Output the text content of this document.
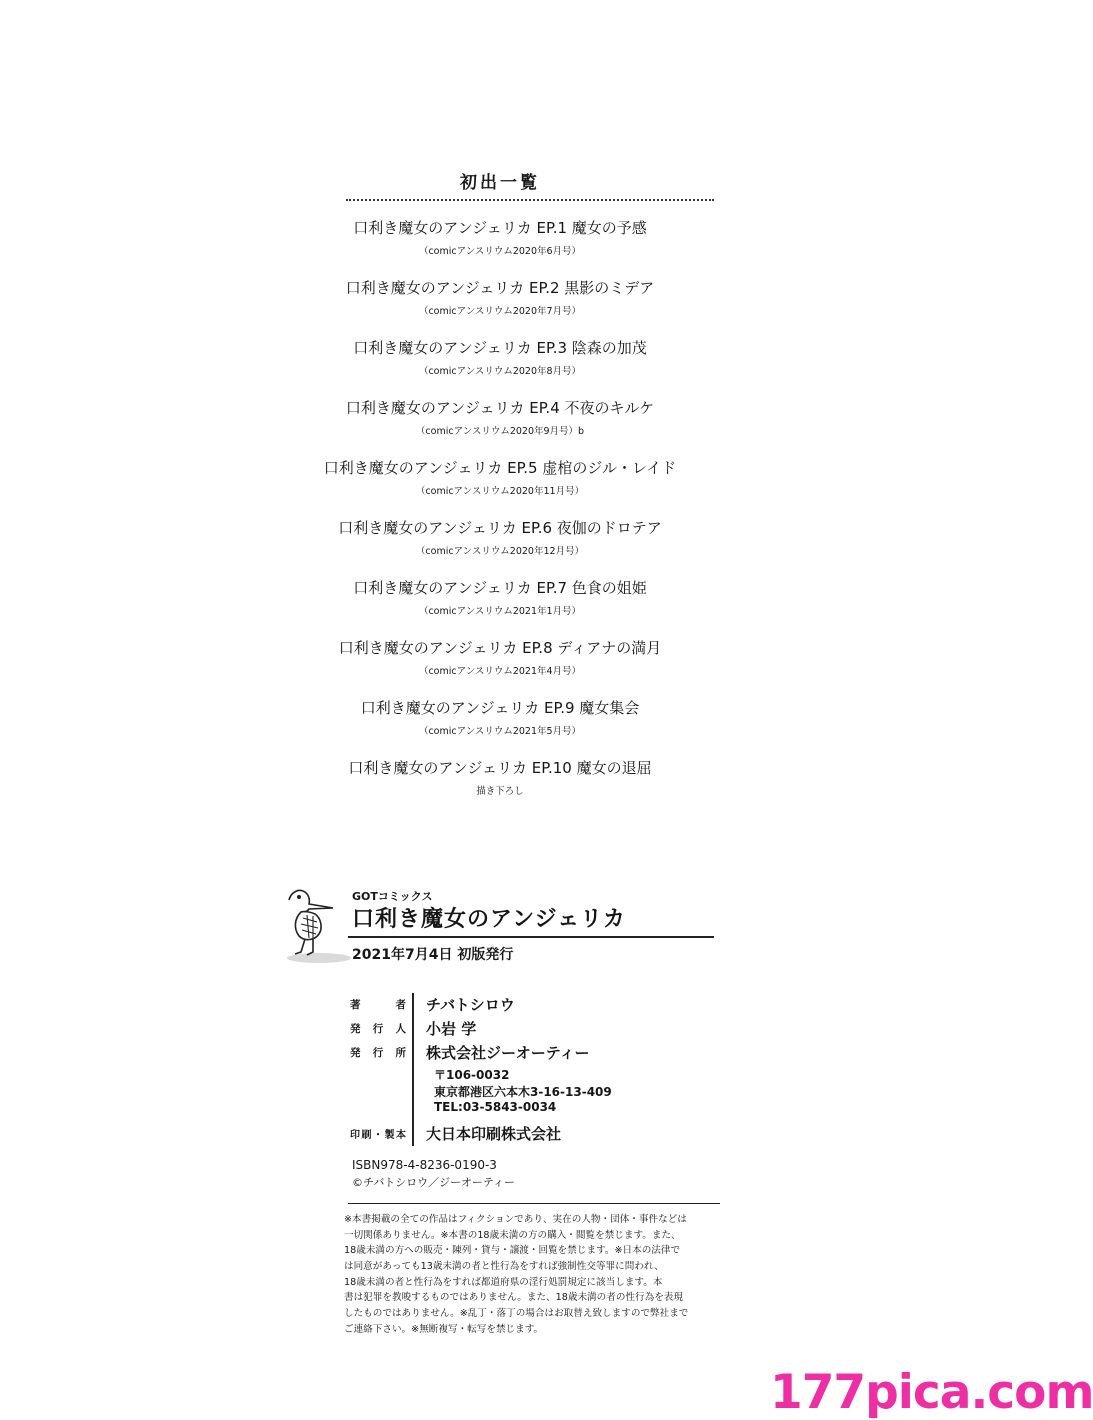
初出一覧
口利き魔女のアンジェリカ EP.1 魔女の予感
（comicアンスリウム2020年6月号）
口利き魔女のアンジェリカ EP.2 黒影のミデア
（comicアンスリウム2020年7月号）
口利き魔女のアンジェリカ EP.3 陰森の加茂
（comicアンスリウム2020年8月号）
口利き魔女のアンジェリカ EP.4 不夜のキルケ
（comicアンスリウム2020年9月号）b
口利き魔女のアンジェリカ EP.5 虚棺のジル・レイド
（comicアンスリウム2020年11月号）
口利き魔女のアンジェリカ EP.6 夜伽のドロテア
（comicアンスリウム2020年12月号）
口利き魔女のアンジェリカ EP.7 色食の姐姫
（comicアンスリウム2021年1月号）
口利き魔女のアンジェリカ EP.8 ディアナの満月
（comicアンスリウム2021年4月号）
口利き魔女のアンジェリカ EP.9 魔女集会
（comicアンスリウム2021年5月号）
口利き魔女のアンジェリカ EP.10 魔女の退屈
描き下ろし
GOTコミックス
口利き魔女のアンジェリカ
2021年7月4日 初版発行
著者 チバトシロウ
発行人 小岩 学
発行所 株式会社ジーオーティー
〒106-0032
東京都港区六本木3-16-13-409
TEL:03-5843-0034
印刷・製本 大日本印刷株式会社
ISBN978-4-8236-0190-3
©チバトシロウ／ジーオーティー
※本書掲載の全ての作品はフィクションであり、実在の人物・団体・事件などは
一切関係ありません。※本書の18歳未満の方の購入・閲覧を禁じます。また、
18歳未満の方への販売・陳列・貸与・譲渡・回覧を禁じます。※日本の法律で
は同意があっても13歳未満の者と性行為をすれば強制性交等罪に問われ、
18歳未満の者と性行為をすれば都道府県の淫行処罰規定に該当します。本
書は犯罪を教唆するものではありません。また、18歳未満の者の性行為を表現
したものではありません。※乱丁・落丁の場合はお取替え致しますので弊社まで
ご連絡下さい。※無断複写・転写を禁じます。
177pica.com
